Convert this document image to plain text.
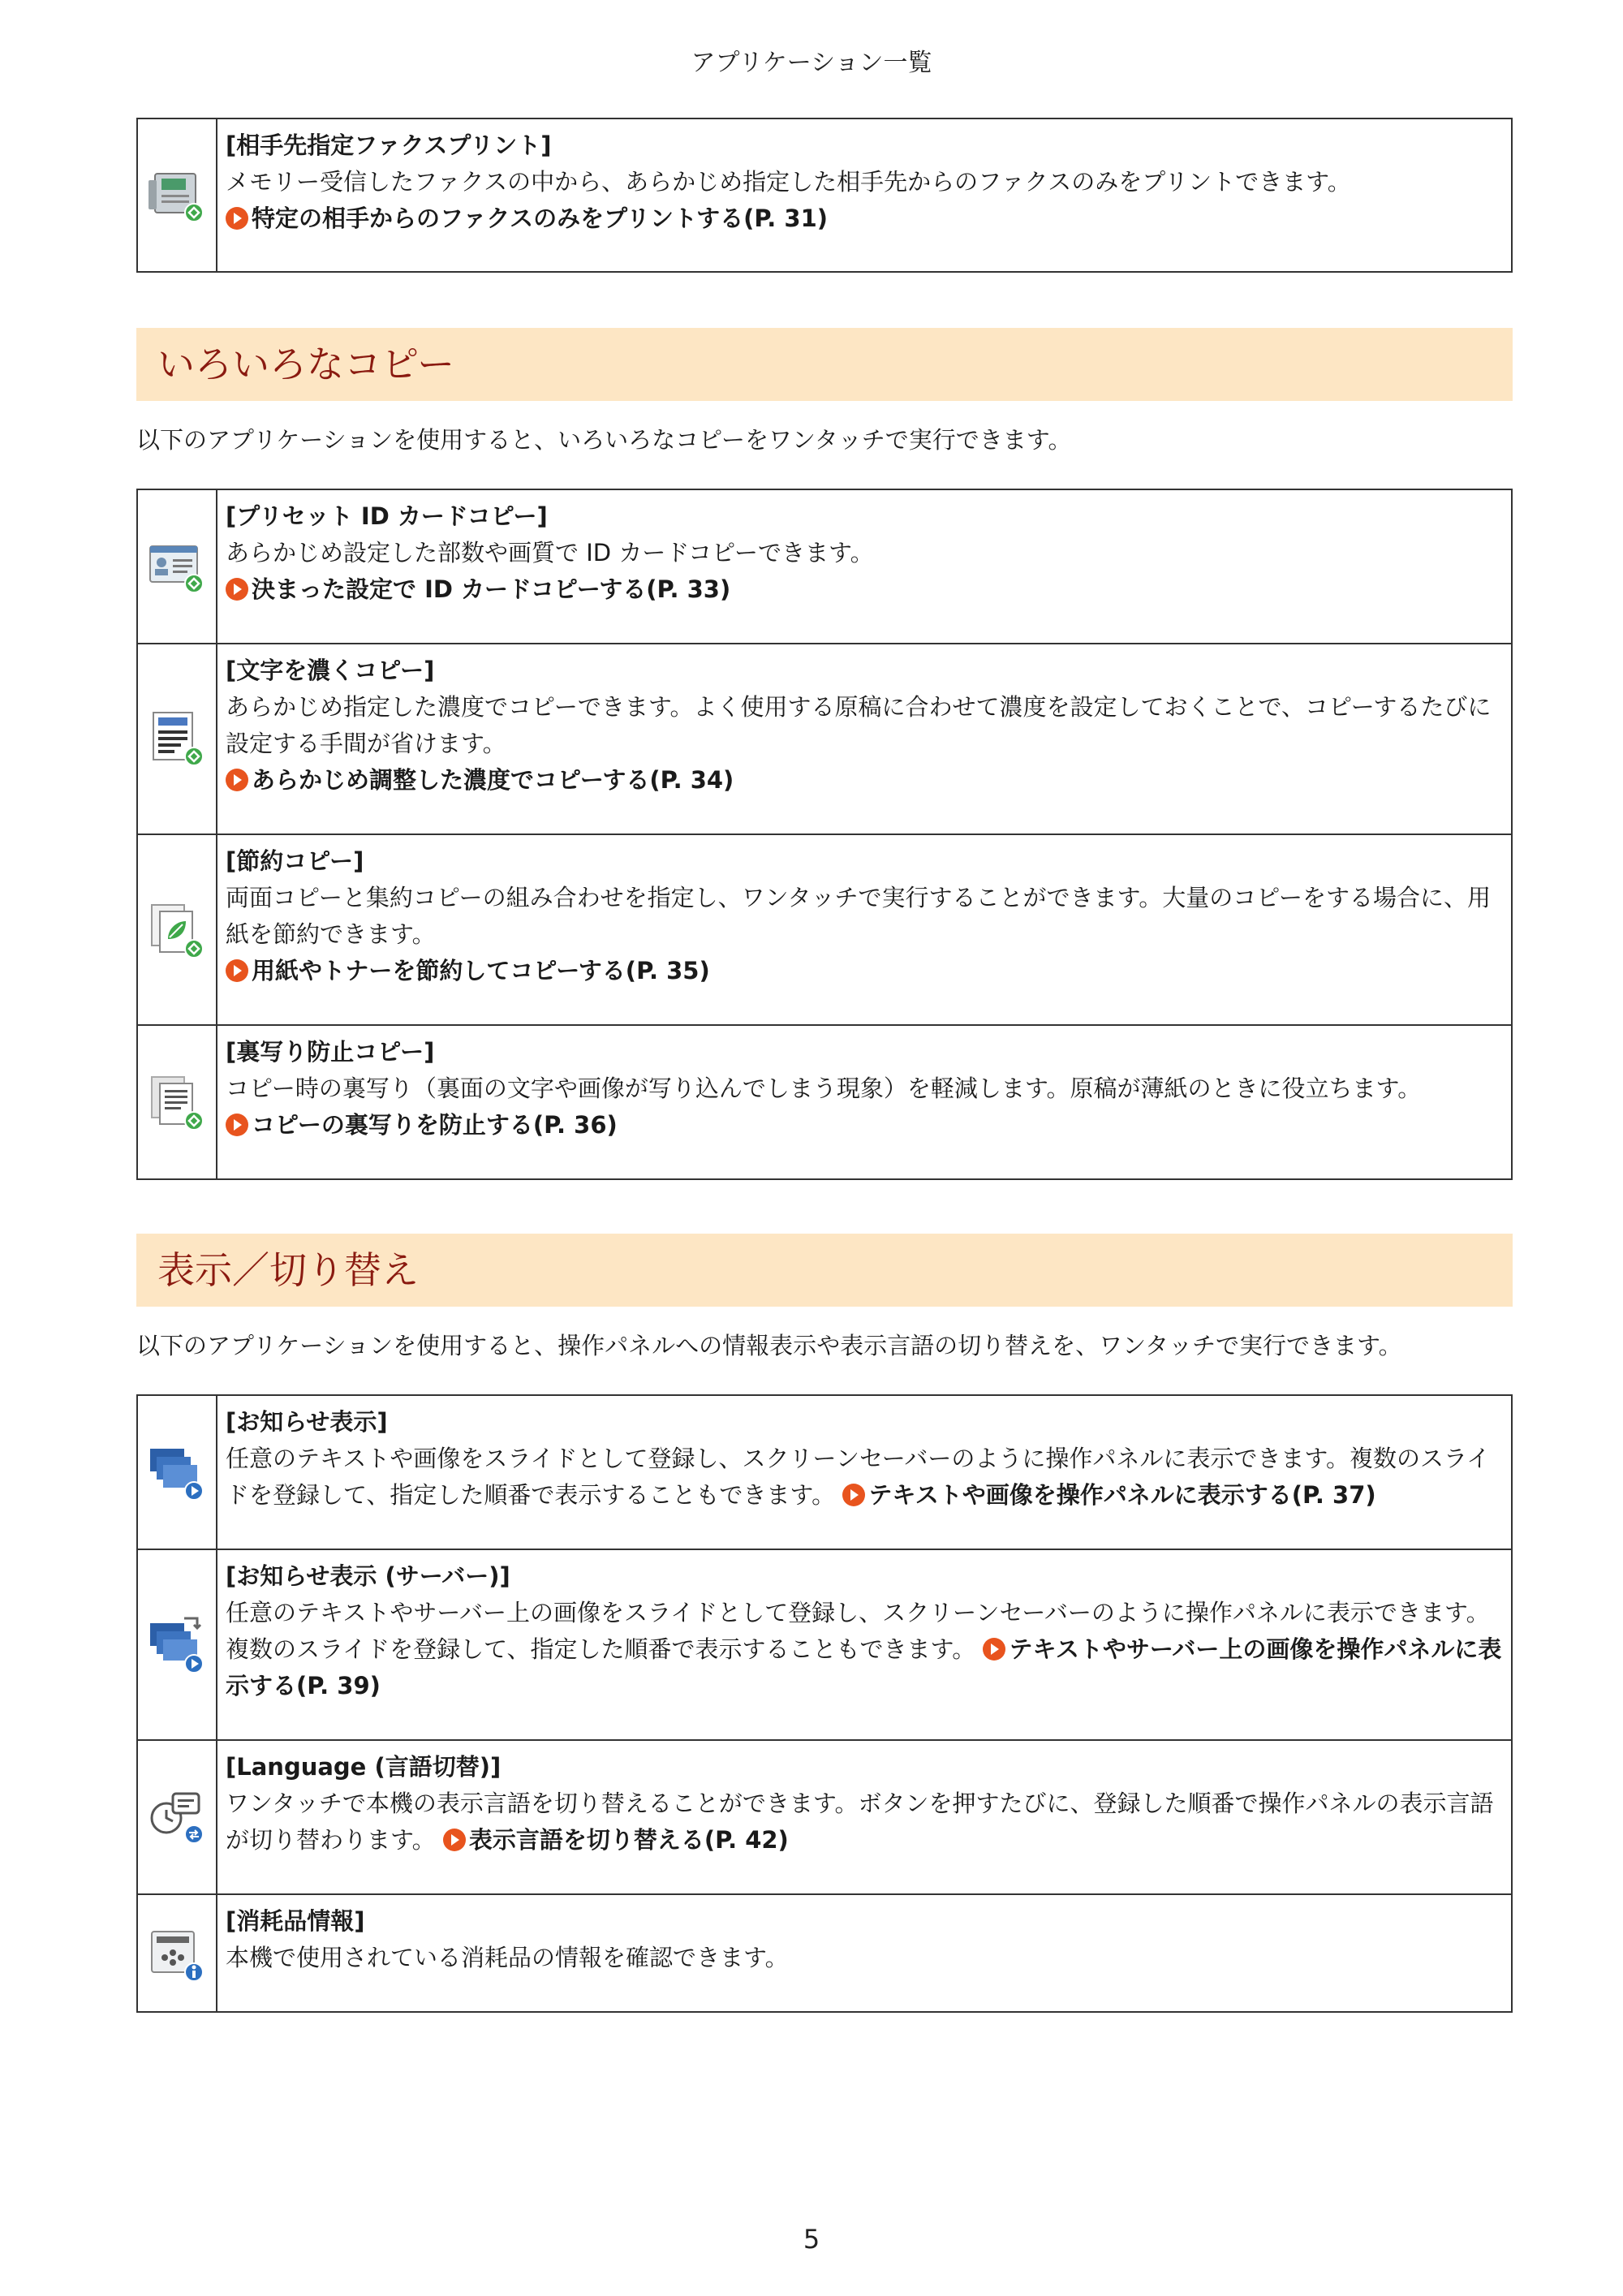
アプリケーション一覧

[相手先指定ファクスプリント]
メモリー受信したファクスの中から、あらかじめ指定した相手先からのファクスのみをプリントできます。
特定の相手からのファクスのみをプリントする(P. 31)
いろいろなコピー
以下のアプリケーションを使用すると、いろいろなコピーをワンタッチで実行できます。

[プリセット ID カードコピー]
あらかじめ設定した部数や画質で ID カードコピーできます。
決まった設定で ID カードコピーする(P. 33)

[文字を濃くコピー]
あらかじめ指定した濃度でコピーできます。よく使用する原稿に合わせて濃度を設定しておくことで、コピーするたびに設定する手間が省けます。
あらかじめ調整した濃度でコピーする(P. 34)

[節約コピー]
両面コピーと集約コピーの組み合わせを指定し、ワンタッチで実行することができます。大量のコピーをする場合に、用紙を節約できます。
用紙やトナーを節約してコピーする(P. 35)

[裏写り防止コピー]
コピー時の裏写り（裏面の文字や画像が写り込んでしまう現象）を軽減します。原稿が薄紙のときに役立ちます。
コピーの裏写りを防止する(P. 36)
表示／切り替え
以下のアプリケーションを使用すると、操作パネルへの情報表示や表示言語の切り替えを、ワンタッチで実行できます。

[お知らせ表示]
任意のテキストや画像をスライドとして登録し、スクリーンセーバーのように操作パネルに表示できます。複数のスライドを登録して、指定した順番で表示することもできます。 テキストや画像を操作パネルに表示する(P. 37)

[お知らせ表示 (サーバー)]
任意のテキストやサーバー上の画像をスライドとして登録し、スクリーンセーバーのように操作パネルに表示できます。複数のスライドを登録して、指定した順番で表示することもできます。 テキストやサーバー上の画像を操作パネルに表示する(P. 39)

[Language (言語切替)]
ワンタッチで本機の表示言語を切り替えることができます。ボタンを押すたびに、登録した順番で操作パネルの表示言語が切り替わります。 表示言語を切り替える(P. 42)

[消耗品情報]
本機で使用されている消耗品の情報を確認できます。
5
